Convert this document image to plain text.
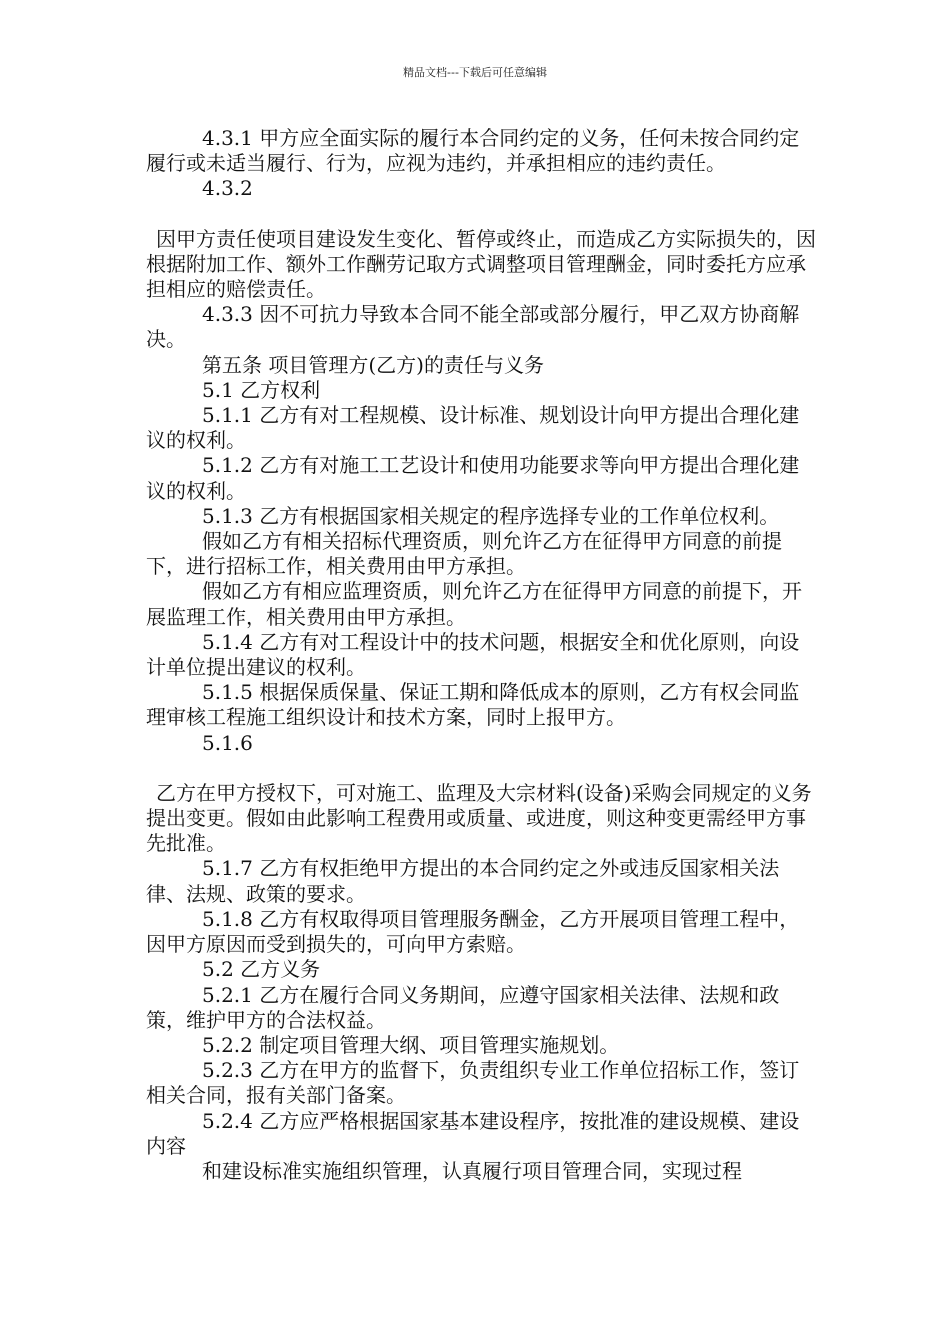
精品文档---下载后可任意编辑

4.3.1 甲方应全面实际的履行本合同约定的义务，任何未按合同约定履行或未适当履行、行为，应视为违约，并承担相应的违约责任。

4.3.2

因甲方责任使项目建设发生变化、暂停或终止，而造成乙方实际损失的，因根据附加工作、额外工作酬劳记取方式调整项目管理酬金，同时委托方应承担相应的赔偿责任。

4.3.3 因不可抗力导致本合同不能全部或部分履行，甲乙双方协商解决。

第五条 项目管理方(乙方)的责任与义务

5.1 乙方权利

5.1.1 乙方有对工程规模、设计标准、规划设计向甲方提出合理化建议的权利。

5.1.2 乙方有对施工工艺设计和使用功能要求等向甲方提出合理化建议的权利。

5.1.3 乙方有根据国家相关规定的程序选择专业的工作单位权利。

假如乙方有相关招标代理资质，则允许乙方在征得甲方同意的前提下，进行招标工作，相关费用由甲方承担。

假如乙方有相应监理资质，则允许乙方在征得甲方同意的前提下，开展监理工作，相关费用由甲方承担。

5.1.4 乙方有对工程设计中的技术问题，根据安全和优化原则，向设计单位提出建议的权利。

5.1.5 根据保质保量、保证工期和降低成本的原则，乙方有权会同监理审核工程施工组织设计和技术方案，同时上报甲方。

5.1.6

乙方在甲方授权下，可对施工、监理及大宗材料(设备)采购会同规定的义务提出变更。假如由此影响工程费用或质量、或进度，则这种变更需经甲方事先批准。

5.1.7 乙方有权拒绝甲方提出的本合同约定之外或违反国家相关法律、法规、政策的要求。

5.1.8 乙方有权取得项目管理服务酬金，乙方开展项目管理工程中，因甲方原因而受到损失的，可向甲方索赔。

5.2 乙方义务

5.2.1 乙方在履行合同义务期间，应遵守国家相关法律、法规和政策，维护甲方的合法权益。

5.2.2 制定项目管理大纲、项目管理实施规划。

5.2.3 乙方在甲方的监督下，负责组织专业工作单位招标工作，签订相关合同，报有关部门备案。

5.2.4 乙方应严格根据国家基本建设程序，按批准的建设规模、建设内容

和建设标准实施组织管理，认真履行项目管理合同，实现过程
